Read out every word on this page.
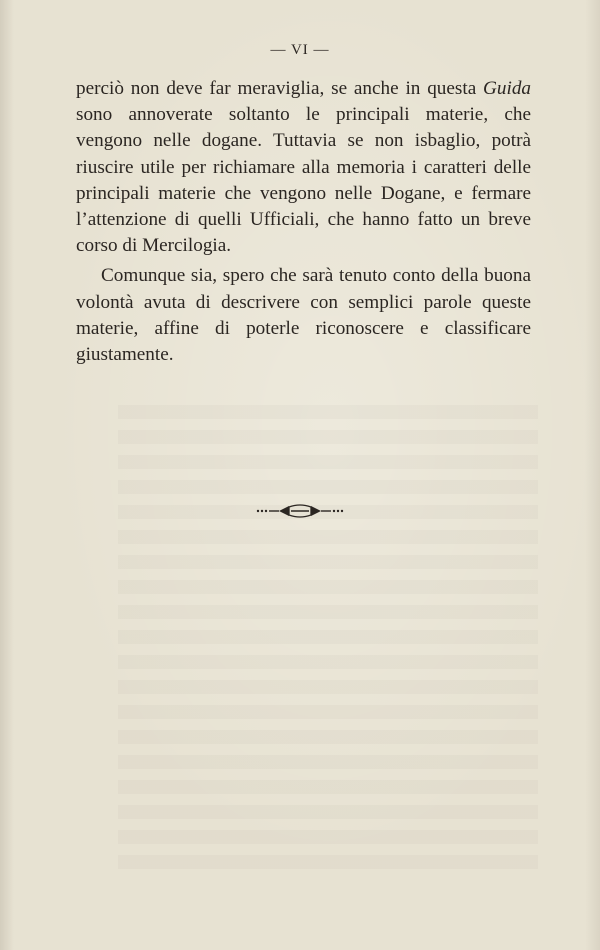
— VI —

perciò non deve far meraviglia, se anche in questa Guida sono annoverate soltanto le principali materie, che vengono nelle dogane. Tuttavia se non isbaglio, potrà riuscire utile per richiamare alla memoria i caratteri delle principali materie che vengono nelle Dogane, e fermare l’attenzione di quelli Ufficiali, che hanno fatto un breve corso di Mercilogia.

Comunque sia, spero che sarà tenuto conto della buona volontà avuta di descrivere con semplici parole queste materie, affine di poterle riconoscere e classificare giustamente.
